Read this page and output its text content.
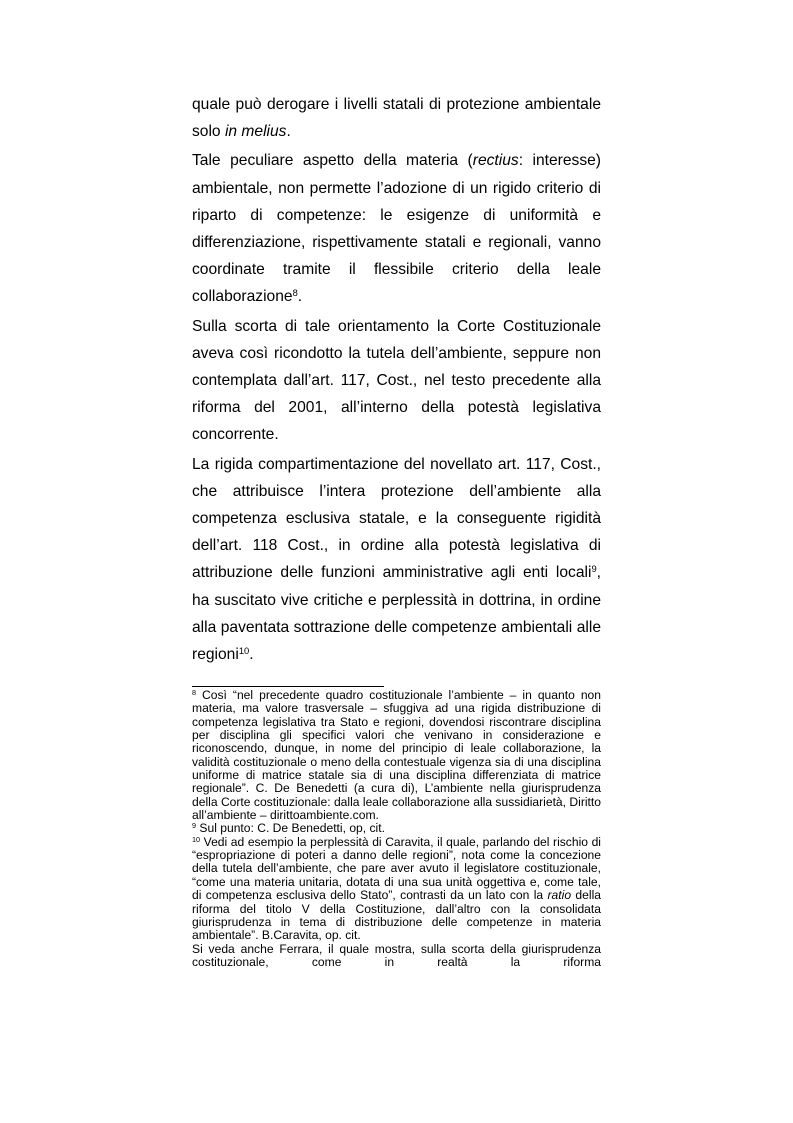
quale può derogare i livelli statali di protezione ambientale solo in melius.

Tale peculiare aspetto della materia (rectius: interesse) ambientale, non permette l’adozione di un rigido criterio di riparto di competenze: le esigenze di uniformità e differenziazione, rispettivamente statali e regionali, vanno coordinate tramite il flessibile criterio della leale collaborazione$^8$.

Sulla scorta di tale orientamento la Corte Costituzionale aveva così ricondotto la tutela dell’ambiente, seppure non contemplata dall’art. 117, Cost., nel testo precedente alla riforma del 2001, all’interno della potestà legislativa concorrente.

La rigida compartimentazione del novellato art. 117, Cost., che attribuisce l’intera protezione dell’ambiente alla competenza esclusiva statale, e la conseguente rigidità dell’art. 118 Cost., in ordine alla potestà legislativa di attribuzione delle funzioni amministrative agli enti locali$^9$, ha suscitato vive critiche e perplessità in dottrina, in ordine alla paventata sottrazione delle competenze ambientali alle regioni$^{10}$.

$^8$ Così “nel precedente quadro costituzionale l’ambiente – in quanto non materia, ma valore trasversale – sfuggiva ad una rigida distribuzione di competenza legislativa tra Stato e regioni, dovendosi riscontrare disciplina per disciplina gli specifici valori che venivano in considerazione e riconoscendo, dunque, in nome del principio di leale collaborazione, la validità costituzionale o meno della contestuale vigenza sia di una disciplina uniforme di matrice statale sia di una disciplina differenziata di matrice regionale”. C. De Benedetti (a cura di), L’ambiente nella giurisprudenza della Corte costituzionale: dalla leale collaborazione alla sussidiarietà, Diritto all’ambiente – dirittoambiente.com.

$^9$ Sul punto: C. De Benedetti, op, cit.

$^{10}$ Vedi ad esempio la perplessità di Caravita, il quale, parlando del rischio di “espropriazione di poteri a danno delle regioni”, nota come la concezione della tutela dell’ambiente, che pare aver avuto il legislatore costituzionale, “come una materia unitaria, dotata di una sua unità oggettiva e, come tale, di competenza esclusiva dello Stato”, contrasti da un lato con la ratio della riforma del titolo V della Costituzione, dall’altro con la consolidata giurisprudenza in tema di distribuzione delle competenze in materia ambientale”. B.Caravita, op. cit.

Si veda anche Ferrara, il quale mostra, sulla scorta della giurisprudenza costituzionale, come in realtà la riforma
